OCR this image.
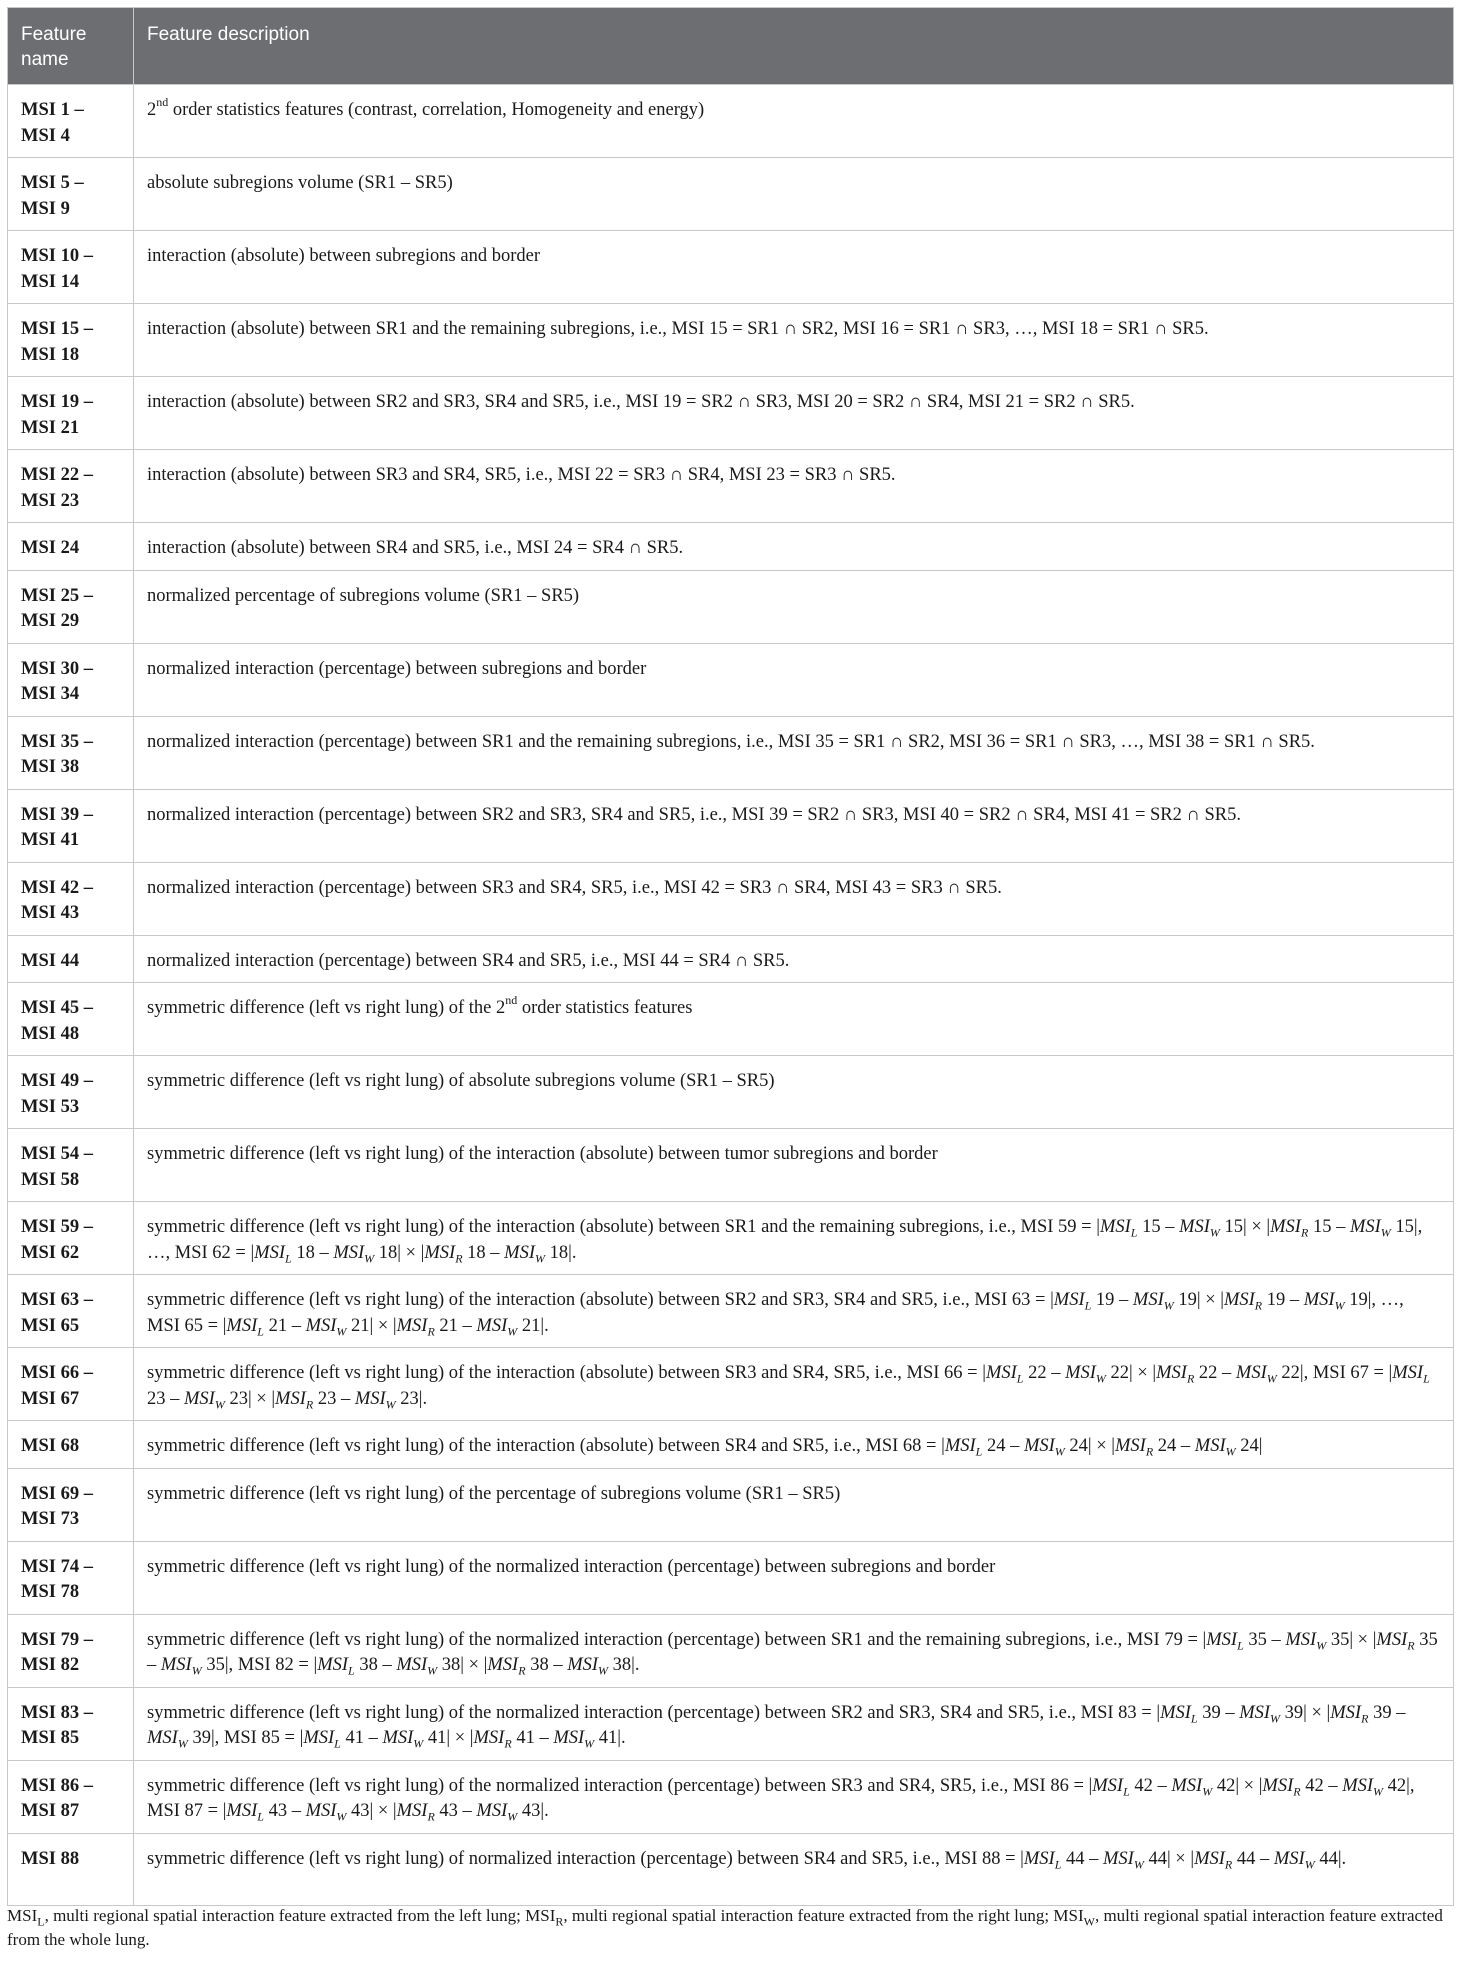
Feature name	Feature description
MSI 1 – MSI 4	2nd order statistics features (contrast, correlation, Homogeneity and energy)
MSI 5 – MSI 9	absolute subregions volume (SR1 – SR5)
MSI 10 – MSI 14	interaction (absolute) between subregions and border
MSI 15 – MSI 18	interaction (absolute) between SR1 and the remaining subregions, i.e., MSI 15 = SR1 ∩ SR2, MSI 16 = SR1 ∩ SR3, …, MSI 18 = SR1 ∩ SR5.
MSI 19 – MSI 21	interaction (absolute) between SR2 and SR3, SR4 and SR5, i.e., MSI 19 = SR2 ∩ SR3, MSI 20 = SR2 ∩ SR4, MSI 21 = SR2 ∩ SR5.
MSI 22 – MSI 23	interaction (absolute) between SR3 and SR4, SR5, i.e., MSI 22 = SR3 ∩ SR4, MSI 23 = SR3 ∩ SR5.
MSI 24	interaction (absolute) between SR4 and SR5, i.e., MSI 24 = SR4 ∩ SR5.
MSI 25 – MSI 29	normalized percentage of subregions volume (SR1 – SR5)
MSI 30 – MSI 34	normalized interaction (percentage) between subregions and border
MSI 35 – MSI 38	normalized interaction (percentage) between SR1 and the remaining subregions, i.e., MSI 35 = SR1 ∩ SR2, MSI 36 = SR1 ∩ SR3, …, MSI 38 = SR1 ∩ SR5.
MSI 39 – MSI 41	normalized interaction (percentage) between SR2 and SR3, SR4 and SR5, i.e., MSI 39 = SR2 ∩ SR3, MSI 40 = SR2 ∩ SR4, MSI 41 = SR2 ∩ SR5.
MSI 42 – MSI 43	normalized interaction (percentage) between SR3 and SR4, SR5, i.e., MSI 42 = SR3 ∩ SR4, MSI 43 = SR3 ∩ SR5.
MSI 44	normalized interaction (percentage) between SR4 and SR5, i.e., MSI 44 = SR4 ∩ SR5.
MSI 45 – MSI 48	symmetric difference (left vs right lung) of the 2nd order statistics features
MSI 49 – MSI 53	symmetric difference (left vs right lung) of absolute subregions volume (SR1 – SR5)
MSI 54 – MSI 58	symmetric difference (left vs right lung) of the interaction (absolute) between tumor subregions and border
MSI 59 – MSI 62	symmetric difference (left vs right lung) of the interaction (absolute) between SR1 and the remaining subregions, i.e., MSI $59 = |MSI_L$ $15 - MSI_W$ $15| \times |MSI_R$ $15 - MSI_W$ 15|, …, MSI $62 = |MSI_L$ $18 - MSI_W$ $18| \times |MSI_R$ $18 - MSI_W$ 18|.
MSI 63 – MSI 65	symmetric difference (left vs right lung) of the interaction (absolute) between SR2 and SR3, SR4 and SR5, i.e., MSI $63 = |MSI_L$ $19 - MSI_W$ $19| \times |MSI_R$ $19 - MSI_W$ 19|, …, MSI $65 = |MSI_L$ $21 - MSI_W$ $21| \times |MSI_R$ $21 - MSI_W$ 21|.
MSI 66 – MSI 67	symmetric difference (left vs right lung) of the interaction (absolute) between SR3 and SR4, SR5, i.e., MSI $66 = |MSI_L$ $22 - MSI_W$ $22| \times |MSI_R$ $22 - MSI_W$ 22|, MSI $67 = |MSI_L$ $23 - MSI_W$ $23| \times |MSI_R$ $23 - MSI_W$ 23|.
MSI 68	symmetric difference (left vs right lung) of the interaction (absolute) between SR4 and SR5, i.e., MSI $68 = |MSI_L$ $24 - MSI_W$ $24| \times |MSI_R$ $24 - MSI_W$ 24|
MSI 69 – MSI 73	symmetric difference (left vs right lung) of the percentage of subregions volume (SR1 – SR5)
MSI 74 – MSI 78	symmetric difference (left vs right lung) of the normalized interaction (percentage) between subregions and border
MSI 79 – MSI 82	symmetric difference (left vs right lung) of the normalized interaction (percentage) between SR1 and the remaining subregions, i.e., MSI $79 = |MSI_L$ $35 - MSI_W$ $35| \times |MSI_R$ $35 - MSI_W$ 35|, MSI $82 = |MSI_L$ $38 - MSI_W$ $38| \times |MSI_R$ $38 - MSI_W$ 38|.
MSI 83 – MSI 85	symmetric difference (left vs right lung) of the normalized interaction (percentage) between SR2 and SR3, SR4 and SR5, i.e., MSI $83 = |MSI_L$ $39 - MSI_W$ $39| \times |MSI_R$ $39 - MSI_W$ 39|, MSI $85 = |MSI_L$ $41 - MSI_W$ $41| \times |MSI_R$ $41 - MSI_W$ 41|.
MSI 86 – MSI 87	symmetric difference (left vs right lung) of the normalized interaction (percentage) between SR3 and SR4, SR5, i.e., MSI $86 = |MSI_L$ $42 - MSI_W$ $42| \times |MSI_R$ $42 - MSI_W$ 42|, MSI $87 = |MSI_L$ $43 - MSI_W$ $43| \times |MSI_R$ $43 - MSI_W$ 43|.
MSI 88	symmetric difference (left vs right lung) of normalized interaction (percentage) between SR4 and SR5, i.e., MSI $88 = |MSI_L$ $44 - MSI_W$ $44| \times |MSI_R$ $44 - MSI_W$ 44|.
$MSI_L$, multi regional spatial interaction feature extracted from the left lung; $MSI_R$, multi regional spatial interaction feature extracted from the right lung; $MSI_W$, multi regional spatial interaction feature extracted from the whole lung.
